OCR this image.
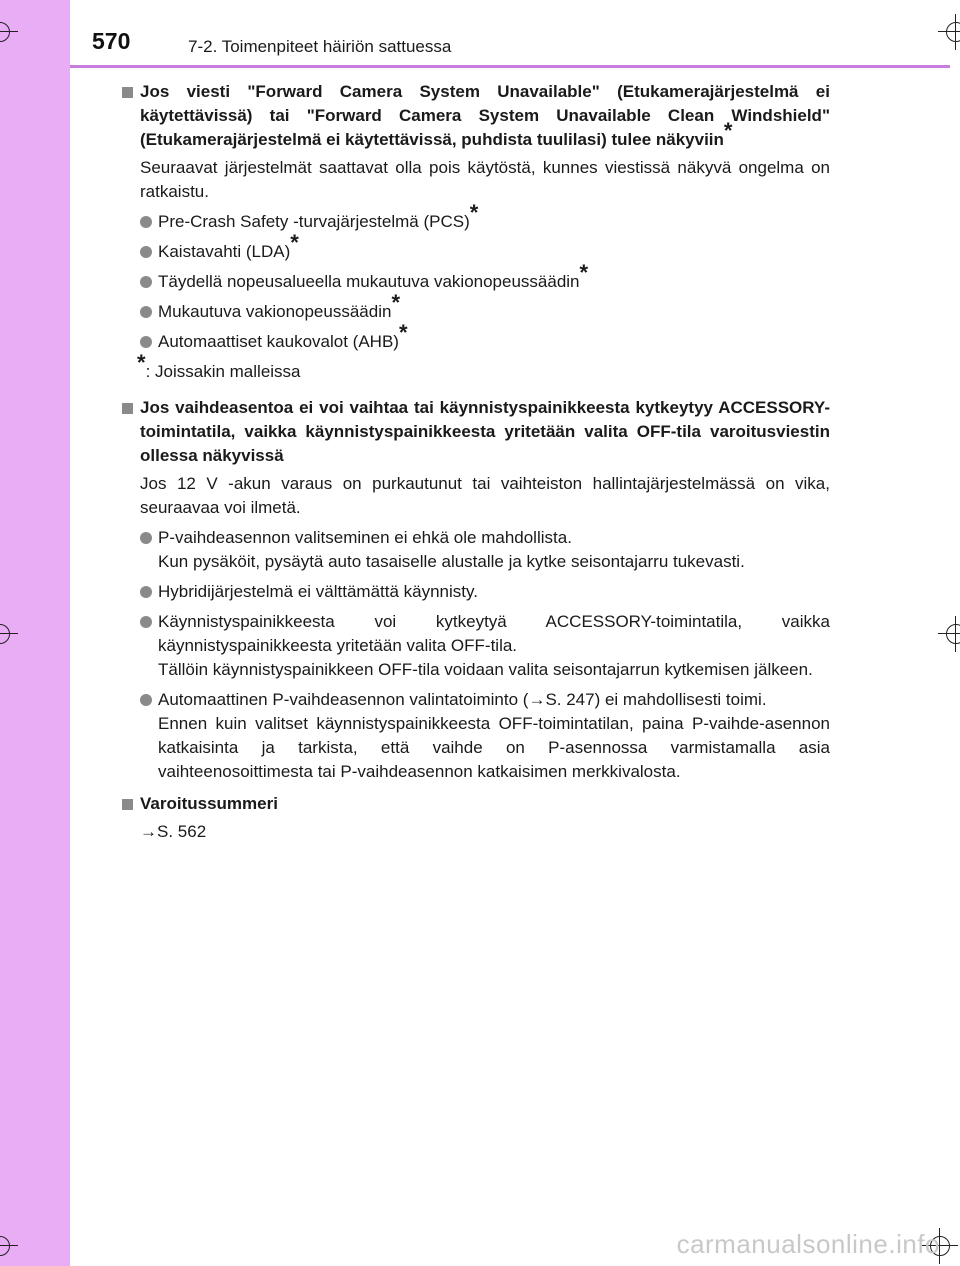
570	7-2. Toimenpiteet häiriön sattuessa
Jos viesti "Forward Camera System Unavailable" (Etukamerajärjestelmä ei käytettävissä) tai "Forward Camera System Unavailable Clean Windshield" (Etukamerajärjestelmä ei käytettävissä, puhdista tuulilasi) tulee näkyviin*
Seuraavat järjestelmät saattavat olla pois käytöstä, kunnes viestissä näkyvä ongelma on ratkaistu.
Pre-Crash Safety -turvajärjestelmä (PCS)*
Kaistavahti (LDA)*
Täydellä nopeusalueella mukautuva vakionopeussäädin*
Mukautuva vakionopeussäädin*
Automaattiset kaukovalot (AHB)*
*: Joissakin malleissa
Jos vaihdeasentoa ei voi vaihtaa tai käynnistyspainikkeesta kytkeytyy ACCESSORY-toimintatila, vaikka käynnistyspainikkeesta yritetään valita OFF-tila varoitusviestin ollessa näkyvissä
Jos 12 V -akun varaus on purkautunut tai vaihteiston hallintajärjestelmässä on vika, seuraavaa voi ilmetä.
P-vaihdeasennon valitseminen ei ehkä ole mahdollista.
Kun pysäköit, pysäytä auto tasaiselle alustalle ja kytke seisontajarru tukevasti.
Hybridijärjestelmä ei välttämättä käynnisty.
Käynnistyspainikkeesta voi kytkeytyä ACCESSORY-toimintatila, vaikka käynnistyspainikkeesta yritetään valita OFF-tila.
Tällöin käynnistyspainikkeen OFF-tila voidaan valita seisontajarrun kytkemisen jälkeen.
Automaattinen P-vaihdeasennon valintatoiminto (→S. 247) ei mahdollisesti toimi.
Ennen kuin valitset käynnistyspainikkeesta OFF-toimintatilan, paina P-vaihde-asennon katkaisinta ja tarkista, että vaihde on P-asennossa varmistamalla asia vaihteenosoittimesta tai P-vaihdeasennon katkaisimen merkkivalosta.
Varoitussummeri
→S. 562
carmanualsonline.info
